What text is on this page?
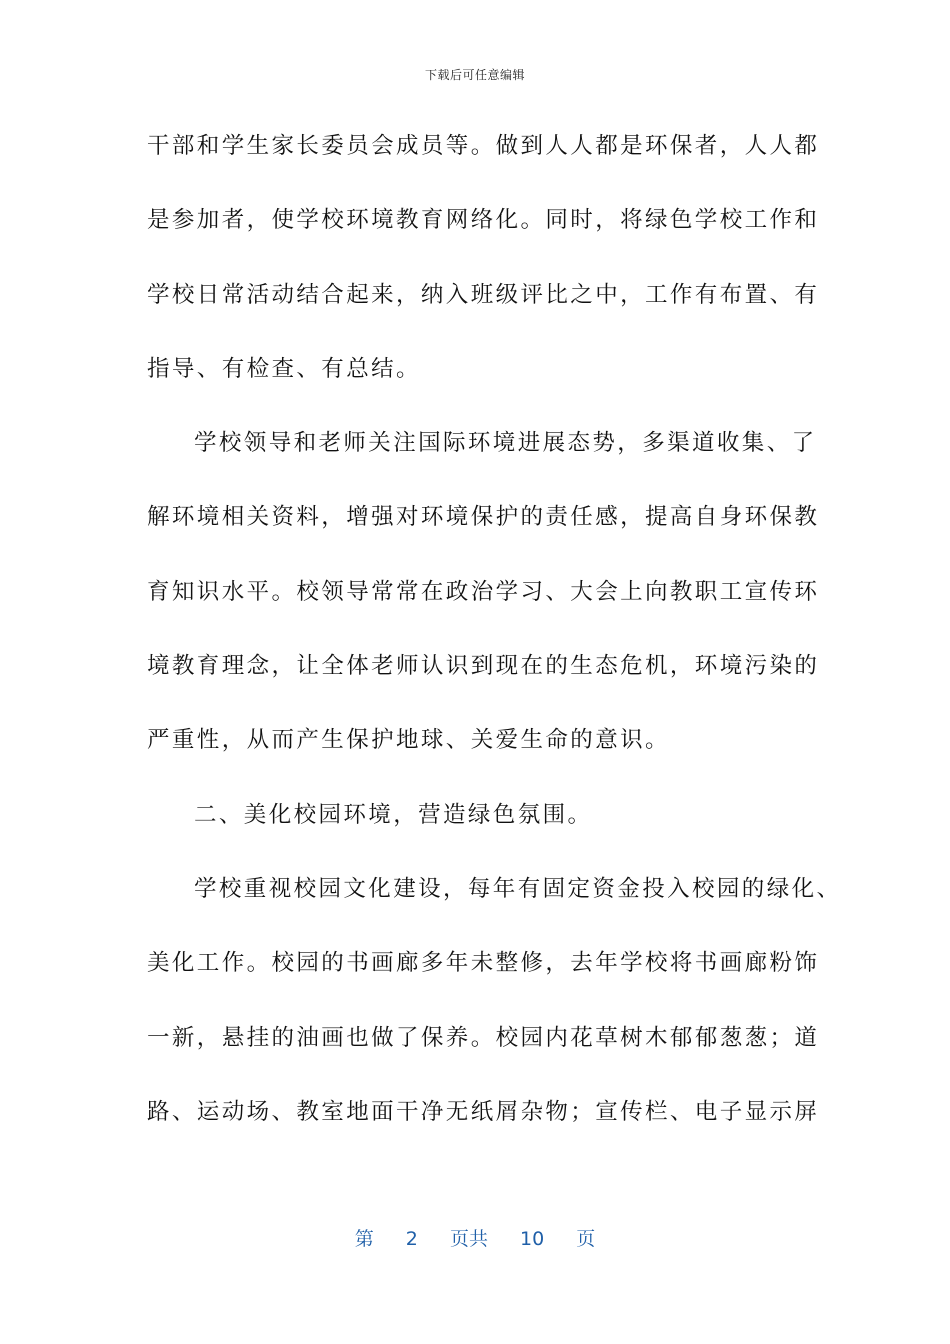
下载后可任意编辑
干部和学生家长委员会成员等。做到人人都是环保者，人人都
是参加者，使学校环境教育网络化。同时，将绿色学校工作和
学校日常活动结合起来，纳入班级评比之中，工作有布置、有
指导、有检查、有总结。
学校领导和老师关注国际环境进展态势，多渠道收集、了
解环境相关资料，增强对环境保护的责任感，提高自身环保教
育知识水平。校领导常常在政治学习、大会上向教职工宣传环
境教育理念，让全体老师认识到现在的生态危机，环境污染的
严重性，从而产生保护地球、关爱生命的意识。
二、美化校园环境，营造绿色氛围。
学校重视校园文化建设，每年有固定资金投入校园的绿化、
美化工作。校园的书画廊多年未整修，去年学校将书画廊粉饰
一新，悬挂的油画也做了保养。校园内花草树木郁郁葱葱；道
路、运动场、教室地面干净无纸屑杂物；宣传栏、电子显示屏
第 2 页共 10 页
